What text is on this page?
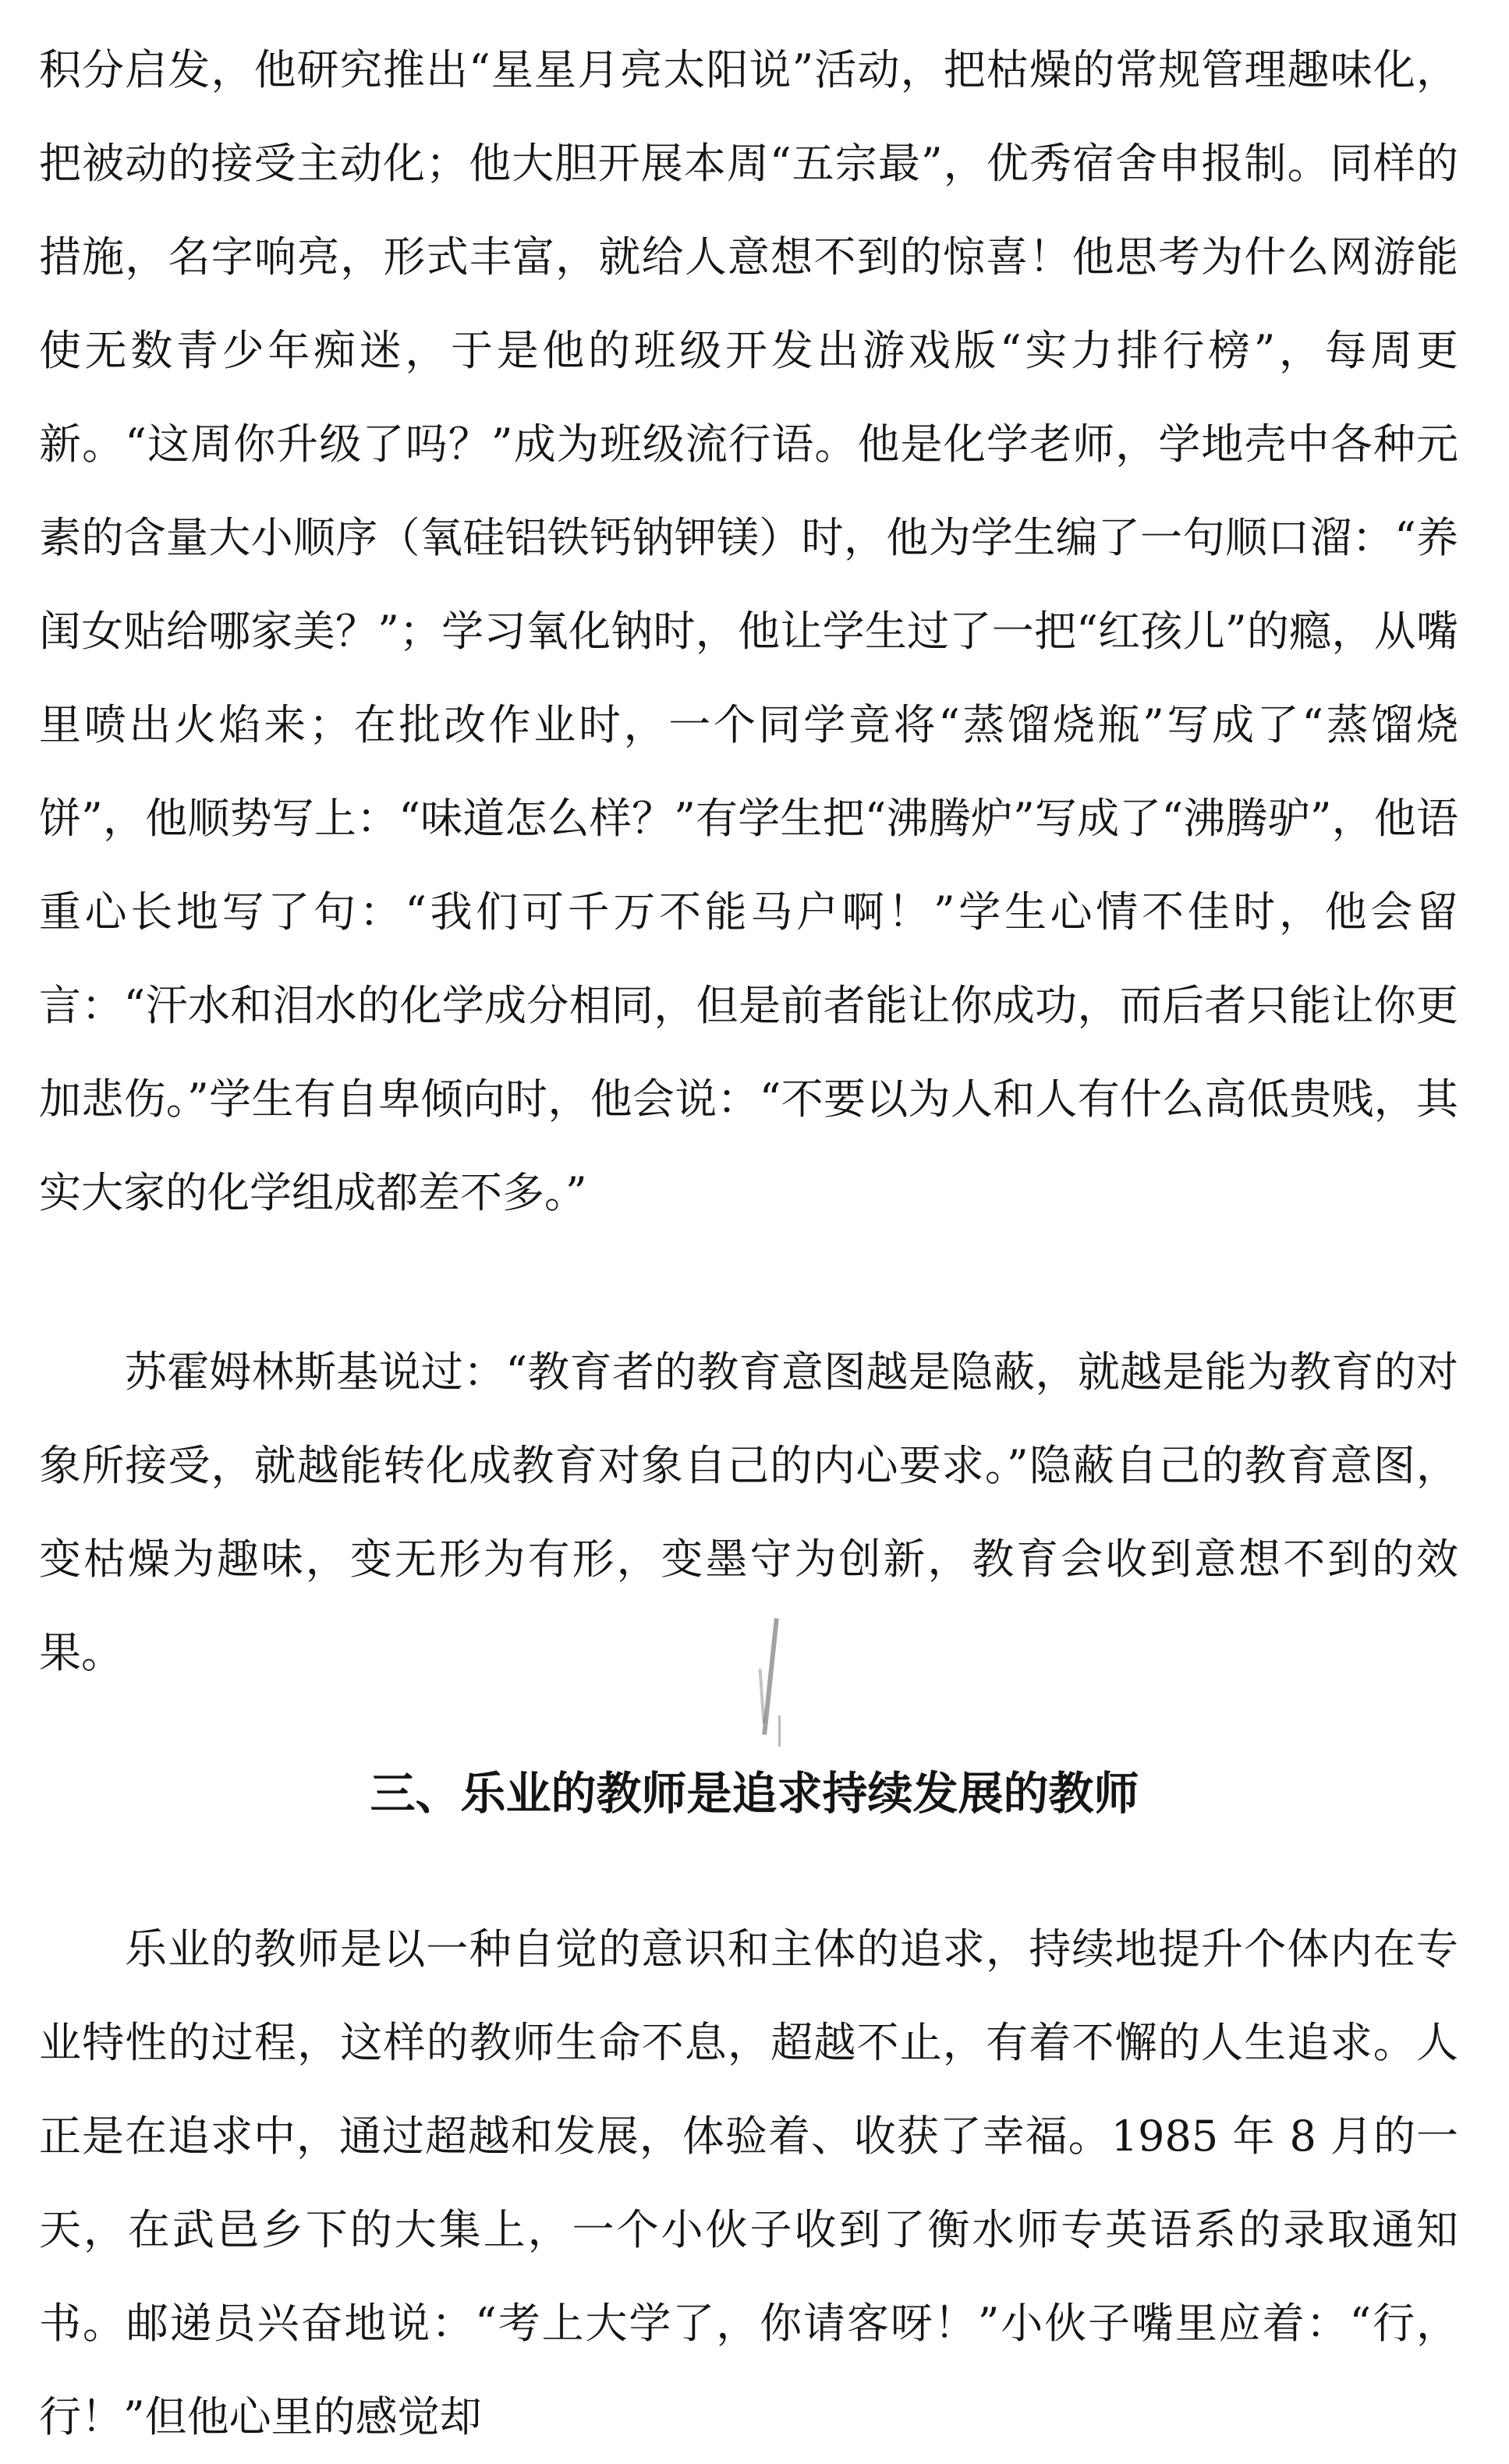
积分启发，他研究推出“星星月亮太阳说”活动，把枯燥的常规管理趣味化，把被动的接受主动化；他大胆开展本周“五宗最”，优秀宿舍申报制。同样的措施，名字响亮，形式丰富，就给人意想不到的惊喜！他思考为什么网游能使无数青少年痴迷，于是他的班级开发出游戏版“实力排行榜”，每周更新。“这周你升级了吗？”成为班级流行语。他是化学老师，学地壳中各种元素的含量大小顺序（氧硅铝铁钙钠钾镁）时，他为学生编了一句顺口溜：“养闺女贴给哪家美？”；学习氧化钠时，他让学生过了一把“红孩儿”的瘾，从嘴里喷出火焰来；在批改作业时，一个同学竟将“蒸馏烧瓶”写成了“蒸馏烧饼”，他顺势写上：“味道怎么样？”有学生把“沸腾炉”写成了“沸腾驴”，他语重心长地写了句：“我们可千万不能马户啊！”学生心情不佳时，他会留言：“汗水和泪水的化学成分相同，但是前者能让你成功，而后者只能让你更加悲伤。”学生有自卑倾向时，他会说：“不要以为人和人有什么高低贵贱，其实大家的化学组成都差不多。”

苏霍姆林斯基说过：“教育者的教育意图越是隐蔽，就越是能为教育的对象所接受，就越能转化成教育对象自己的内心要求。”隐蔽自己的教育意图，变枯燥为趣味，变无形为有形，变墨守为创新，教育会收到意想不到的效果。

三、乐业的教师是追求持续发展的教师

乐业的教师是以一种自觉的意识和主体的追求，持续地提升个体内在专业特性的过程，这样的教师生命不息，超越不止，有着不懈的人生追求。人正是在追求中，通过超越和发展，体验着、收获了幸福。1985 年 8 月的一天，在武邑乡下的大集上，一个小伙子收到了衡水师专英语系的录取通知书。邮递员兴奋地说：“考上大学了，你请客呀！”小伙子嘴里应着：“行，行！”但他心里的感觉却
